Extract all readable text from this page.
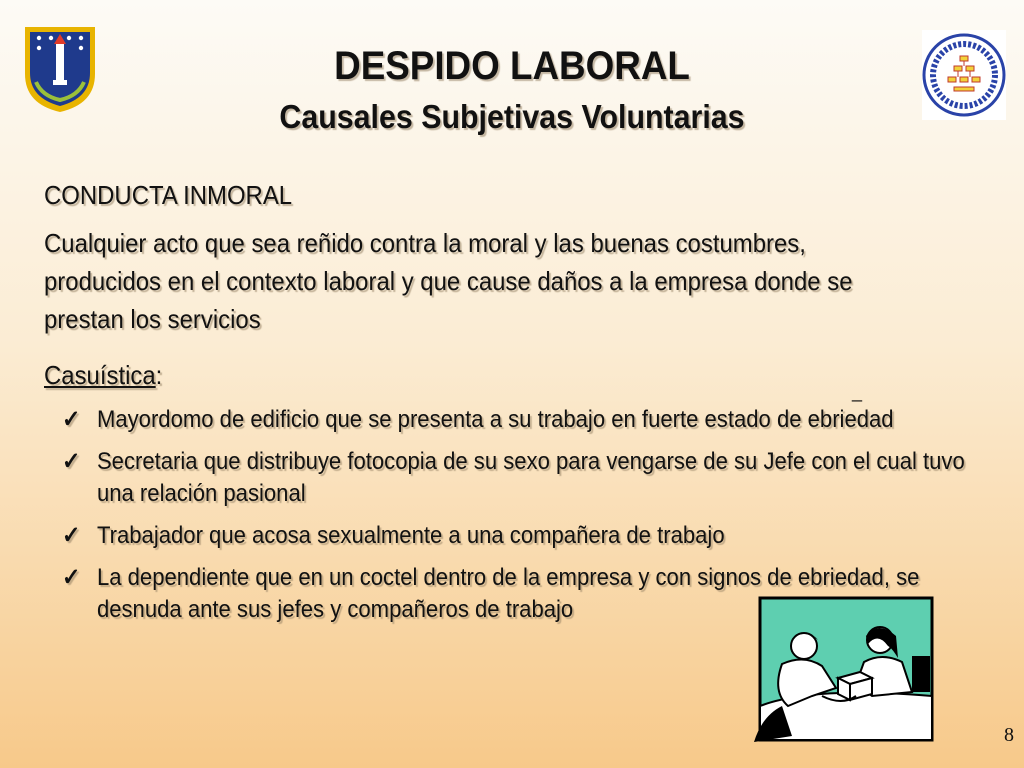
DESPIDO LABORAL
Causales Subjetivas Voluntarias
CONDUCTA INMORAL
Cualquier acto que sea reñido contra la moral y las buenas costumbres, producidos en el contexto laboral y que cause daños a la empresa donde se prestan los servicios
Casuística:
_
✓ Mayordomo de edificio que se presenta a su trabajo en fuerte estado de ebriedad
✓ Secretaria que distribuye fotocopia de su sexo para vengarse de su Jefe con el cual tuvo una relación pasional
✓ Trabajador que acosa sexualmente a una compañera de trabajo
✓ La dependiente que en un coctel dentro de la empresa y con signos de ebriedad, se desnuda ante sus jefes y compañeros de trabajo
8
